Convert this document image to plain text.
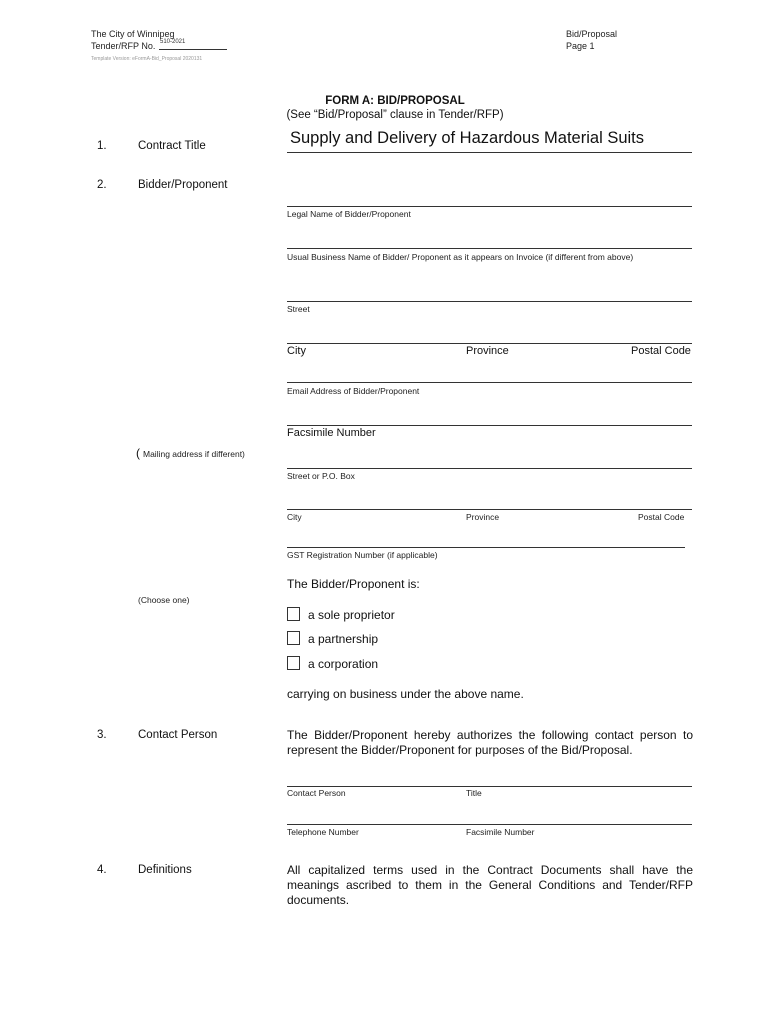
The City of Winnipeg
Tender/RFP No. 510-2021
Template Version: eFormA-Bid_Proposal 2020131
Bid/Proposal
Page 1
FORM A: BID/PROPOSAL
(See “Bid/Proposal” clause in Tender/RFP)
1.	Contract Title	Supply and Delivery of Hazardous Material Suits
2.	Bidder/Proponent
Legal Name of Bidder/Proponent
Usual Business Name of Bidder/ Proponent as it appears on Invoice (if different from above)
Street
City	Province	Postal Code
Email Address of Bidder/Proponent
Facsimile Number
( Mailing address if different)
Street or P.O. Box
City	Province	Postal Code
GST Registration Number (if applicable)
The Bidder/Proponent is:
(Choose one)
a sole proprietor
a partnership
a corporation
carrying on business under the above name.
3.	Contact Person	The Bidder/Proponent hereby authorizes the following contact person to represent the Bidder/Proponent for purposes of the Bid/Proposal.
Contact Person	Title
Telephone Number	Facsimile Number
4.	Definitions	All capitalized terms used in the Contract Documents shall have the meanings ascribed to them in the General Conditions and Tender/RFP documents.
